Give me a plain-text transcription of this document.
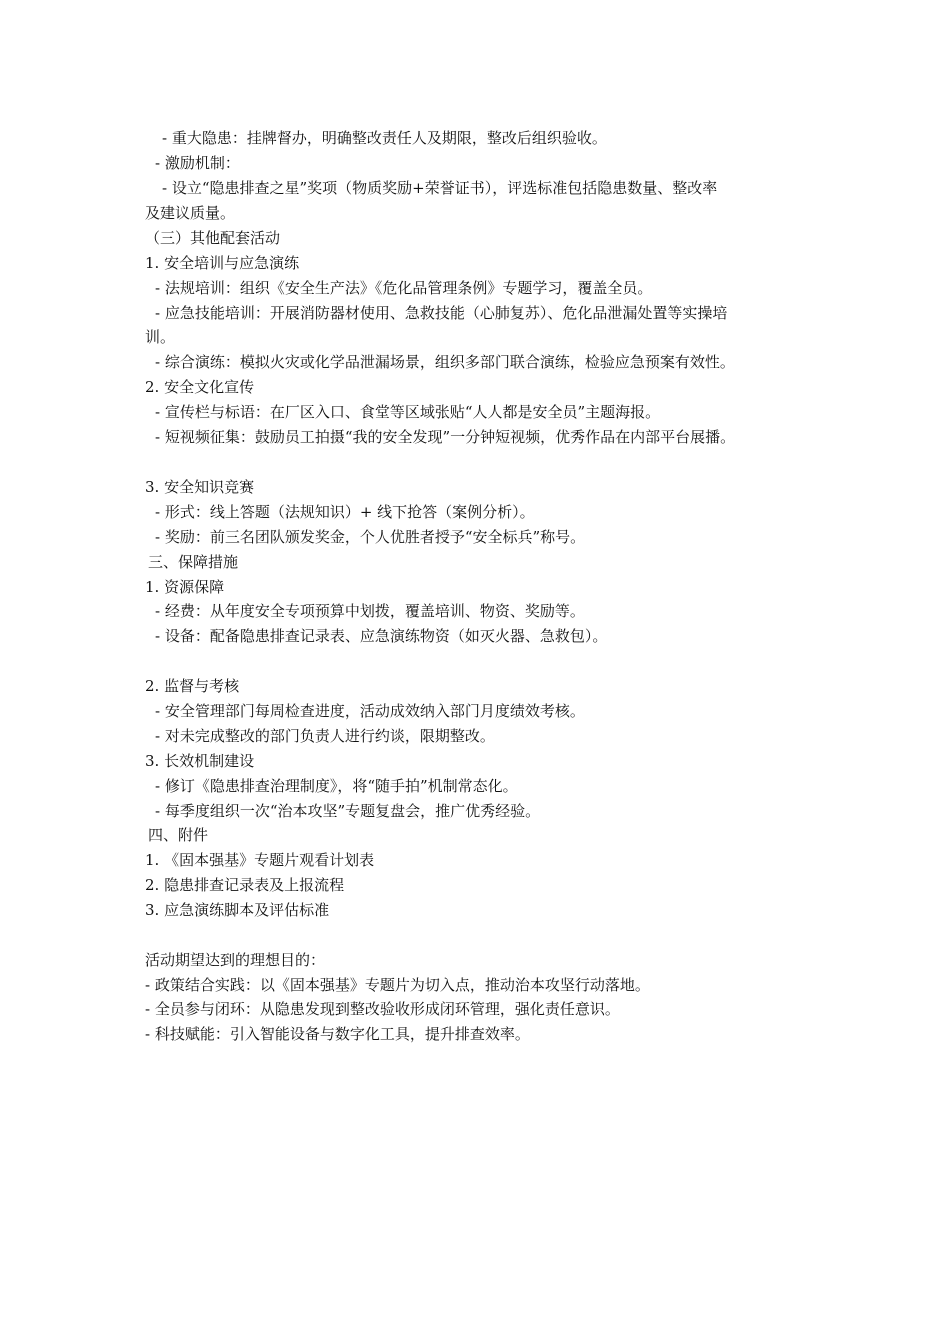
- 重大隐患：挂牌督办，明确整改责任人及期限，整改后组织验收。
- 激励机制：
- 设立“隐患排查之星”奖项（物质奖励+荣誉证书），评选标准包括隐患数量、整改率
及建议质量。
（三）其他配套活动
1. 安全培训与应急演练
- 法规培训：组织《安全生产法》《危化品管理条例》专题学习，覆盖全员。
- 应急技能培训：开展消防器材使用、急救技能（心肺复苏）、危化品泄漏处置等实操培
训。
- 综合演练：模拟火灾或化学品泄漏场景，组织多部门联合演练，检验应急预案有效性。
2. 安全文化宣传
- 宣传栏与标语：在厂区入口、食堂等区域张贴“人人都是安全员”主题海报。
- 短视频征集：鼓励员工拍摄“我的安全发现”一分钟短视频，优秀作品在内部平台展播。
3. 安全知识竞赛
- 形式：线上答题（法规知识）+ 线下抢答（案例分析）。
- 奖励：前三名团队颁发奖金，个人优胜者授予“安全标兵”称号。
三、保障措施
1. 资源保障
- 经费：从年度安全专项预算中划拨，覆盖培训、物资、奖励等。
- 设备：配备隐患排查记录表、应急演练物资（如灭火器、急救包）。
2. 监督与考核
- 安全管理部门每周检查进度，活动成效纳入部门月度绩效考核。
- 对未完成整改的部门负责人进行约谈，限期整改。
3. 长效机制建设
- 修订《隐患排查治理制度》，将“随手拍”机制常态化。
- 每季度组织一次“治本攻坚”专题复盘会，推广优秀经验。
四、附件
1. 《固本强基》专题片观看计划表
2. 隐患排查记录表及上报流程
3. 应急演练脚本及评估标准
活动期望达到的理想目的：
- 政策结合实践：以《固本强基》专题片为切入点，推动治本攻坚行动落地。
- 全员参与闭环：从隐患发现到整改验收形成闭环管理，强化责任意识。
- 科技赋能：引入智能设备与数字化工具，提升排查效率。
